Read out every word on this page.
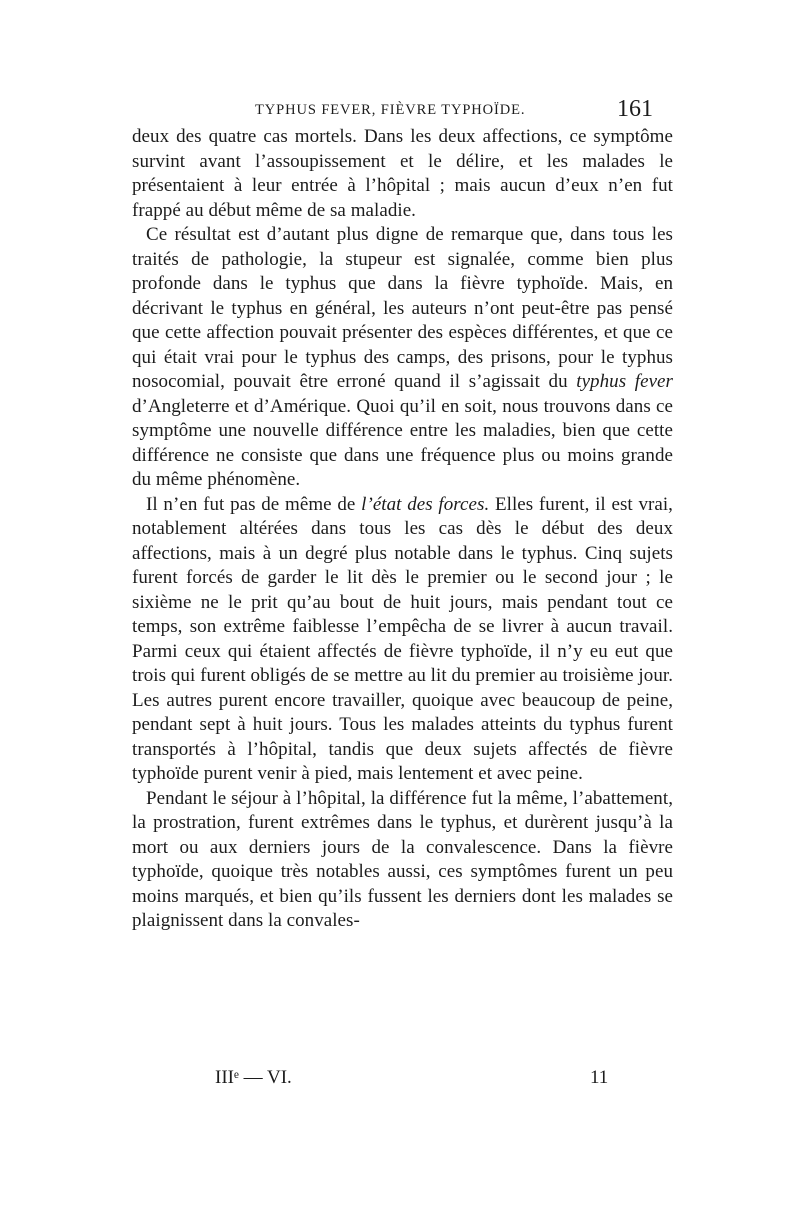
TYPHUS FEVER, FIÈVRE TYPHOÏDE.	161

deux des quatre cas mortels. Dans les deux affections, ce symptôme survint avant l’assoupissement et le délire, et les malades le présentaient à leur entrée à l’hôpital ; mais aucun d’eux n’en fut frappé au début même de sa maladie.

Ce résultat est d’autant plus digne de remarque que, dans tous les traités de pathologie, la stupeur est signalée, comme bien plus profonde dans le typhus que dans la fièvre typhoïde. Mais, en décrivant le typhus en général, les auteurs n’ont peut-être pas pensé que cette affection pouvait présenter des espèces différentes, et que ce qui était vrai pour le typhus des camps, des prisons, pour le typhus nosocomial, pouvait être erroné quand il s’agissait du typhus fever d’Angleterre et d’Amérique. Quoi qu’il en soit, nous trouvons dans ce symptôme une nouvelle différence entre les maladies, bien que cette différence ne consiste que dans une fréquence plus ou moins grande du même phénomène.

Il n’en fut pas de même de l’état des forces. Elles furent, il est vrai, notablement altérées dans tous les cas dès le début des deux affections, mais à un degré plus notable dans le typhus. Cinq sujets furent forcés de garder le lit dès le premier ou le second jour ; le sixième ne le prit qu’au bout de huit jours, mais pendant tout ce temps, son extrême faiblesse l’empêcha de se livrer à aucun travail. Parmi ceux qui étaient affectés de fièvre typhoïde, il n’y eu eut que trois qui furent obligés de se mettre au lit du premier au troisième jour. Les autres purent encore travailler, quoique avec beaucoup de peine, pendant sept à huit jours. Tous les malades atteints du typhus furent transportés à l’hôpital, tandis que deux sujets affectés de fièvre typhoïde purent venir à pied, mais lentement et avec peine.

Pendant le séjour à l’hôpital, la différence fut la même, l’abattement, la prostration, furent extrêmes dans le typhus, et durèrent jusqu’à la mort ou aux derniers jours de la convalescence. Dans la fièvre typhoïde, quoique très notables aussi, ces symptômes furent un peu moins marqués, et bien qu’ils fussent les derniers dont les malades se plaignissent dans la convales-

IIIᵉ — VI.	11
